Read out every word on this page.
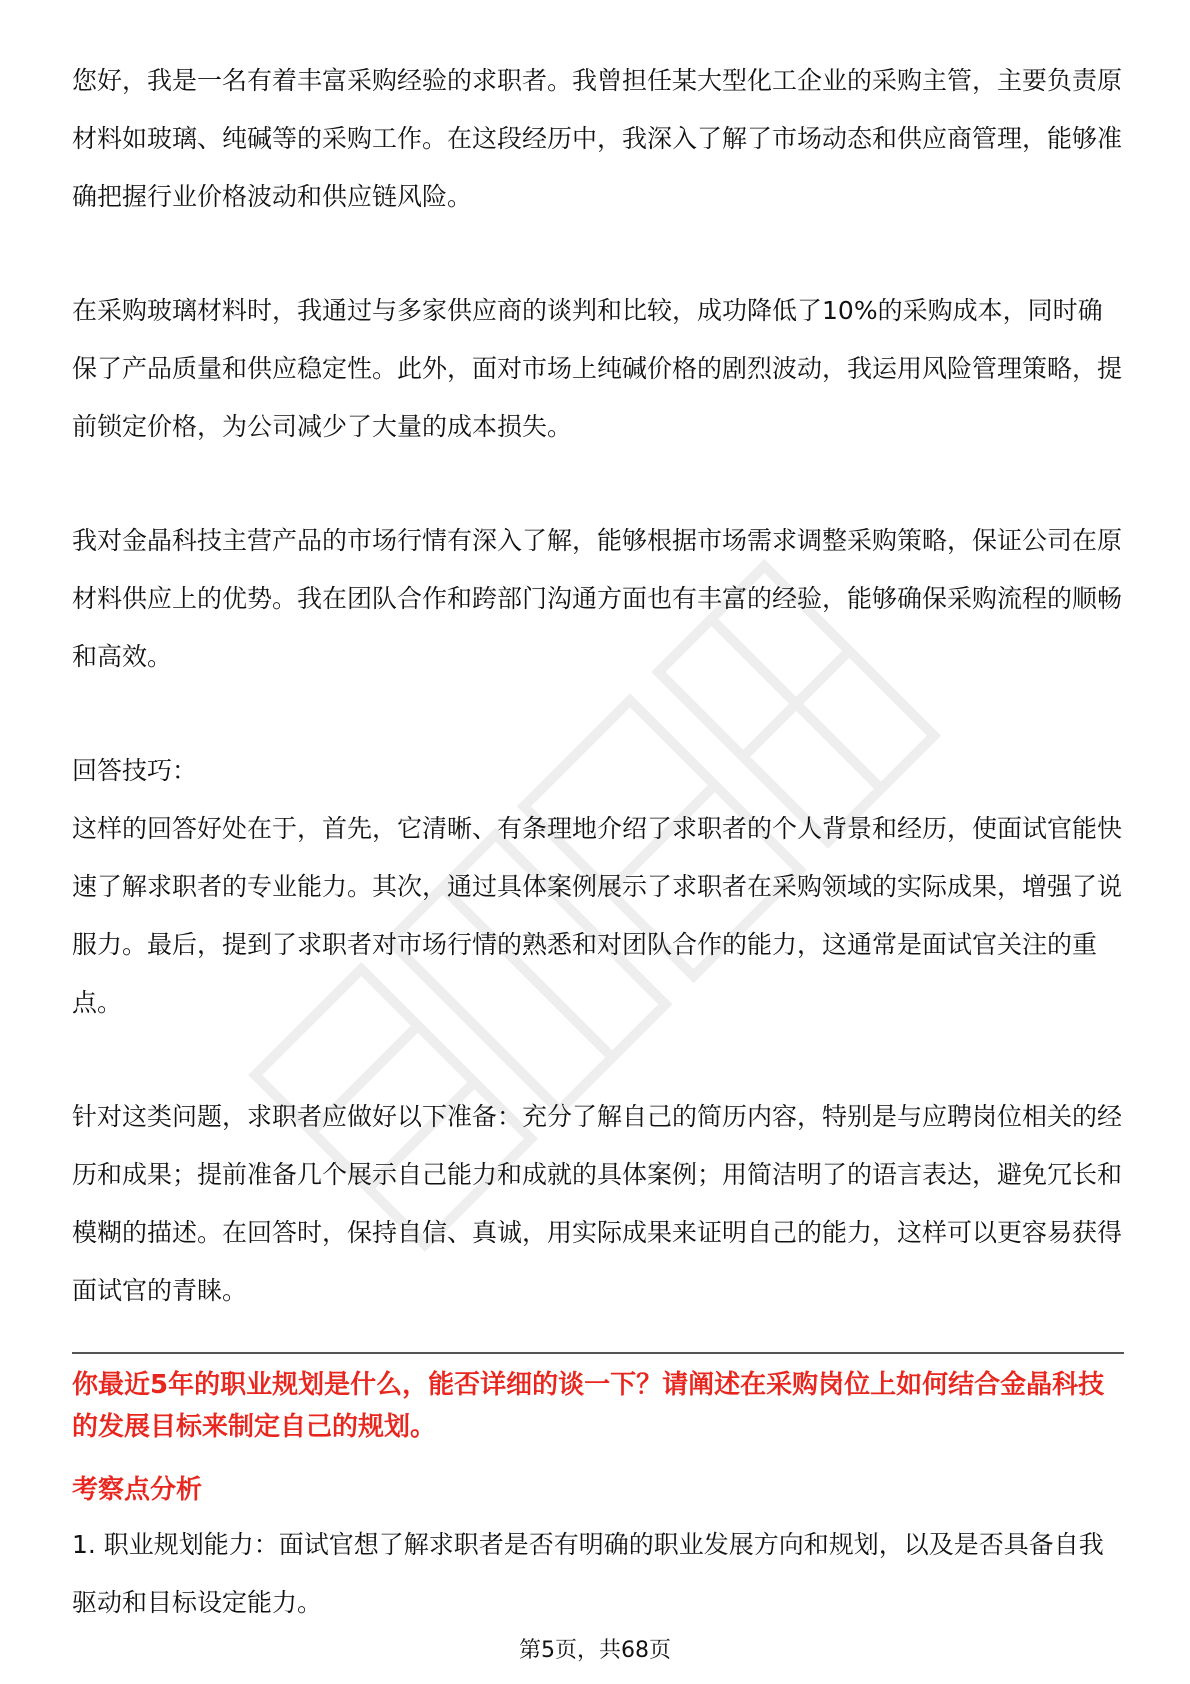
您好，我是一名有着丰富采购经验的求职者。我曾担任某大型化工企业的采购主管，主要负责原材料如玻璃、纯碱等的采购工作。在这段经历中，我深入了解了市场动态和供应商管理，能够准确把握行业价格波动和供应链风险。

在采购玻璃材料时，我通过与多家供应商的谈判和比较，成功降低了10%的采购成本，同时确保了产品质量和供应稳定性。此外，面对市场上纯碱价格的剧烈波动，我运用风险管理策略，提前锁定价格，为公司减少了大量的成本损失。

我对金晶科技主营产品的市场行情有深入了解，能够根据市场需求调整采购策略，保证公司在原材料供应上的优势。我在团队合作和跨部门沟通方面也有丰富的经验，能够确保采购流程的顺畅和高效。

回答技巧：

这样的回答好处在于，首先，它清晰、有条理地介绍了求职者的个人背景和经历，使面试官能快速了解求职者的专业能力。其次，通过具体案例展示了求职者在采购领域的实际成果，增强了说服力。最后，提到了求职者对市场行情的熟悉和对团队合作的能力，这通常是面试官关注的重点。

针对这类问题，求职者应做好以下准备：充分了解自己的简历内容，特别是与应聘岗位相关的经历和成果；提前准备几个展示自己能力和成就的具体案例；用简洁明了的语言表达，避免冗长和模糊的描述。在回答时，保持自信、真诚，用实际成果来证明自己的能力，这样可以更容易获得面试官的青睐。

你最近5年的职业规划是什么，能否详细的谈一下？请阐述在采购岗位上如何结合金晶科技的发展目标来制定自己的规划。

考察点分析

1. 职业规划能力：面试官想了解求职者是否有明确的职业发展方向和规划，以及是否具备自我驱动和目标设定能力。

第5页，共68页
